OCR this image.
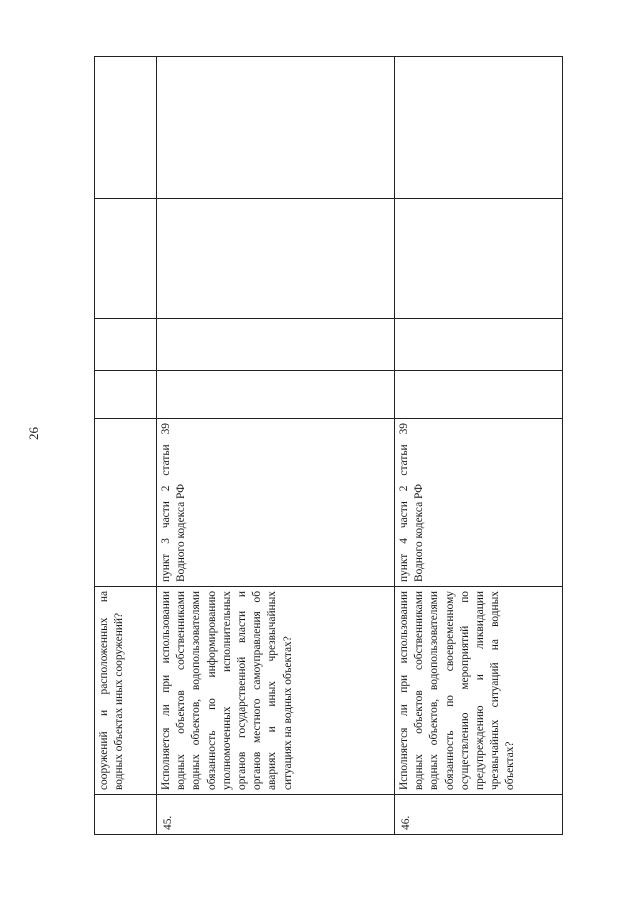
26
	сооружений и расположенных на водных объектах иных сооружений?					
45.	Исполняется ли при использовании водных объектов собственниками водных объектов, водопользователями обязанность по информированию уполномоченных исполнительных органов государственной власти и органов местного самоуправления об авариях и иных чрезвычайных ситуациях на водных объектах?	пункт 3 части 2 статьи 39 Водного кодекса РФ				
46.	Исполняется ли при использовании водных объектов собственниками водных объектов, водопользователями обязанность по своевременному осуществлению мероприятий по предупреждению и ликвидации чрезвычайных ситуаций на водных объектах?	пункт 4 части 2 статьи 39 Водного кодекса РФ				
